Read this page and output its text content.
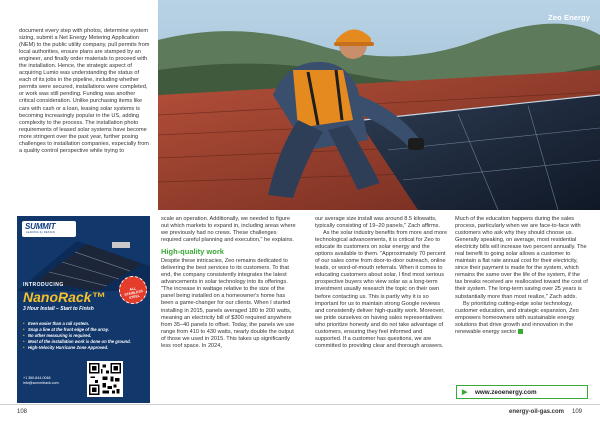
document every step with photos, determine system sizing, submit a Net Energy Metering Application (NEM) to the public utility company, pull permits from local authorities, ensure plans are stamped by an engineer, and finally order materials to proceed with the installation. Hence, the strategic aspect of acquiring Lumio was understanding the status of each of its jobs in the pipeline, including whether permits were secured, installations were completed, or work was still pending. Funding was another critical consideration. Unlike purchasing items like cars with cash or a loan, leasing solar systems is becoming increasingly popular in the US, adding complexity to the process. The installation photo requirements of leased solar systems have become more stringent over the past year, further posing challenges to installation companies, especially from a quality control perspective while trying to

Zeo Energy
SUMMIT
LEADING by DESIGN
INTRODUCING
NanoRack™
3 Hour Install – Start to Finish
ALL STAINLESS STEEL
• Even easier than a rail system.
• Snap a line at the front edge of the array.
• No other measuring is required.
• Most of the installation work is done on the ground.
• High-Velocity Hurricane Zone Approved.
+1 360-844-0048 info@summitrack.com

scale an operation. Additionally, we needed to figure out which markets to expand in, including areas where we previously had no crews. These challenges required careful planning and execution," he explains.

High-quality work

Despite these intricacies, Zeo remains dedicated to delivering the best services to its customers. To that end, the company consistently integrates the latest advancements in solar technology into its offerings. "The increase in wattage relative to the size of the panel being installed on a homeowner's home has been a game-changer for our clients. When I started installing in 2015, panels averaged 180 to 200 watts, meaning an electricity bill of $300 required anywhere from 35–40 panels to offset. Today, the panels we use range from 410 to 430 watts, nearly double the output of those we used in 2015. This takes up significantly less roof space. In 2024,

our average size install was around 8.5 kilowatts, typically consisting of 19–20 panels," Zach affirms.

As the solar industry benefits from more and more technological advancements, it is critical for Zeo to educate its customers on solar energy and the options available to them. "Approximately 70 percent of our sales come from door-to-door outreach, online leads, or word-of-mouth referrals. When it comes to educating customers about solar, I find most serious prospective buyers who view solar as a long-term investment usually research the topic on their own before contacting us. This is partly why it is so important for us to maintain strong Google reviews and consistently deliver high-quality work. Moreover, we pride ourselves on having sales representatives who prioritize honesty and do not take advantage of customers, ensuring they feel informed and supported. If a customer has questions, we are committed to providing clear and thorough answers.

Much of the education happens during the sales process, particularly when we are face-to-face with customers who ask why they should choose us. Generally speaking, on average, most residential electricity bills will increase two percent annually. The real benefit to going solar allows a customer to maintain a flat rate annual cost for their electricity, since their payment is made for the system, which remains the same over the life of the system, if the tax breaks received are reallocated toward the cost of their system. The long-term saving over 25 years is substantially more than most realize," Zach adds.

By prioritizing cutting-edge solar technology, customer education, and strategic expansion, Zeo empowers homeowners with sustainable energy solutions that drive growth and innovation in the renewable energy sector

▶ www.zeoenergy.com
108	energy-oil-gas.com 109
